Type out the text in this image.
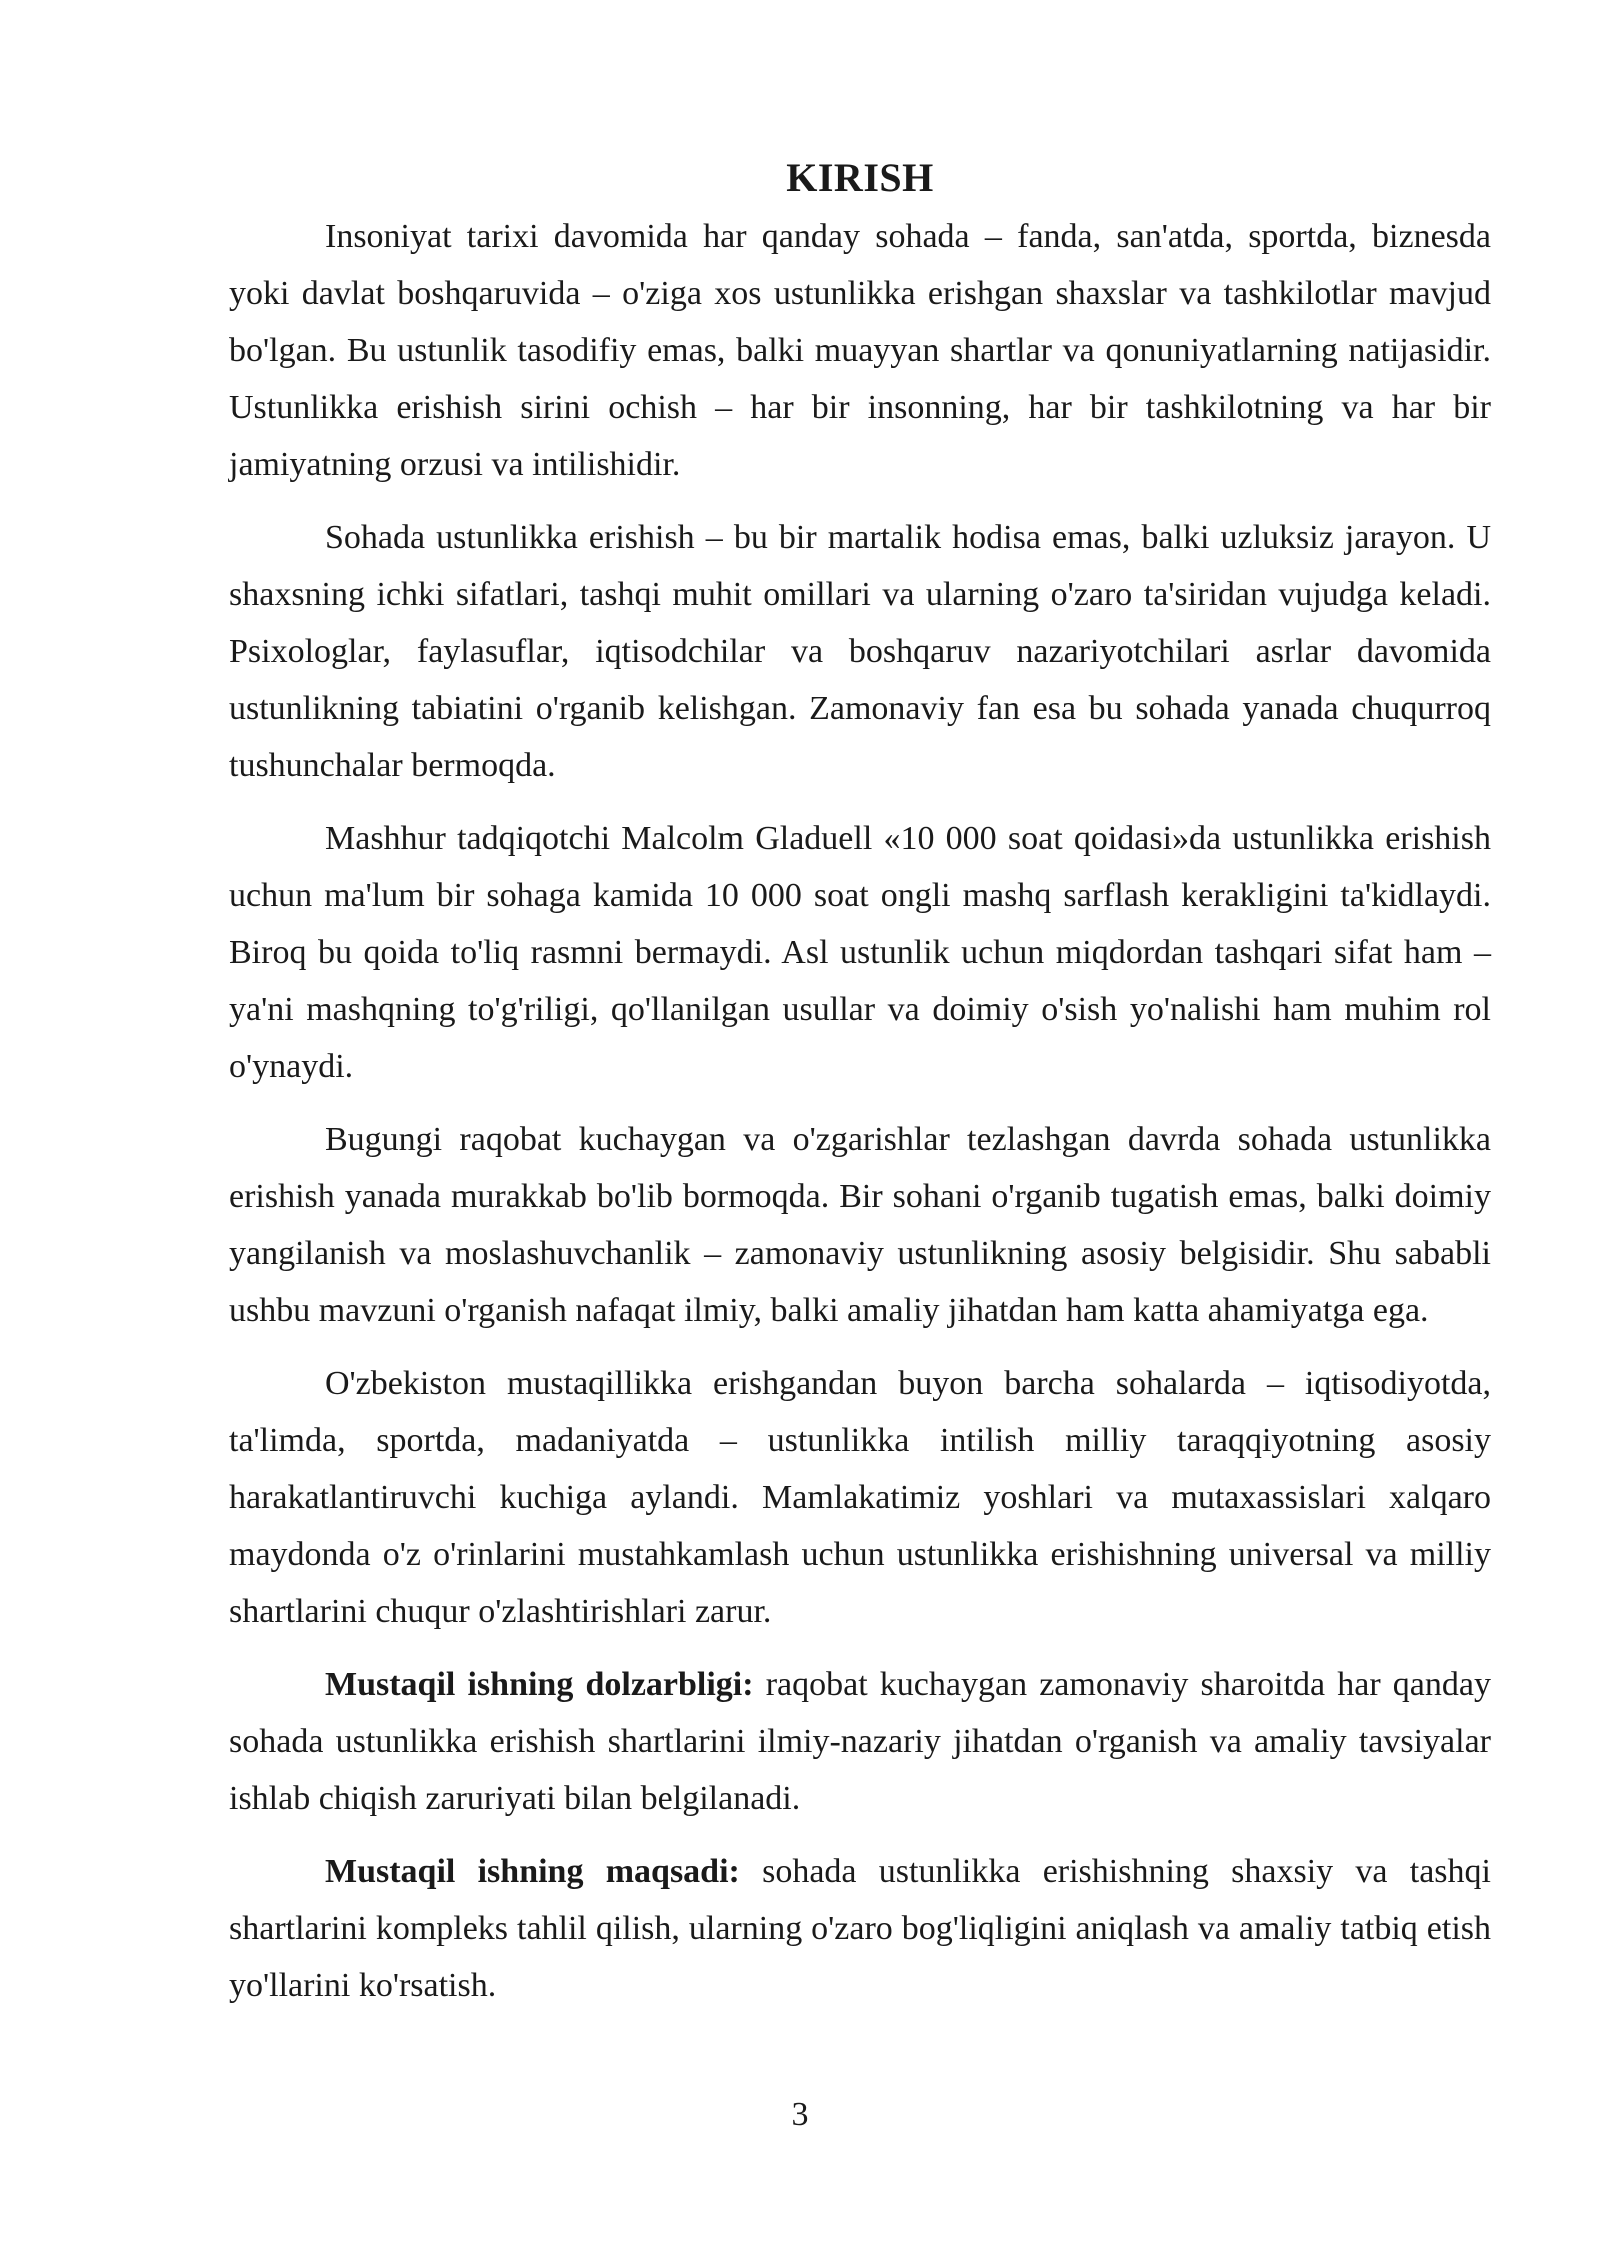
KIRISH

Insoniyat tarixi davomida har qanday sohada – fanda, san'atda, sportda, biznesda yoki davlat boshqaruvida – o'ziga xos ustunlikka erishgan shaxslar va tashkilotlar mavjud bo'lgan. Bu ustunlik tasodifiy emas, balki muayyan shartlar va qonuniyatlarning natijasidir. Ustunlikka erishish sirini ochish – har bir insonning, har bir tashkilotning va har bir jamiyatning orzusi va intilishidir.

Sohada ustunlikka erishish – bu bir martalik hodisa emas, balki uzluksiz jarayon. U shaxsning ichki sifatlari, tashqi muhit omillari va ularning o'zaro ta'siridan vujudga keladi. Psixologlar, faylasuflar, iqtisodchilar va boshqaruv nazariyotchilari asrlar davomida ustunlikning tabiatini o'rganib kelishgan. Zamonaviy fan esa bu sohada yanada chuqurroq tushunchalar bermoqda.

Mashhur tadqiqotchi Malcolm Gladuell «10 000 soat qoidasi»da ustunlikka erishish uchun ma'lum bir sohaga kamida 10 000 soat ongli mashq sarflash kerakligini ta'kidlaydi. Biroq bu qoida to'liq rasmni bermaydi. Asl ustunlik uchun miqdordan tashqari sifat ham – ya'ni mashqning to'g'riligi, qo'llanilgan usullar va doimiy o'sish yo'nalishi ham muhim rol o'ynaydi.

Bugungi raqobat kuchaygan va o'zgarishlar tezlashgan davrda sohada ustunlikka erishish yanada murakkab bo'lib bormoqda. Bir sohani o'rganib tugatish emas, balki doimiy yangilanish va moslashuvchanlik – zamonaviy ustunlikning asosiy belgisidir. Shu sababli ushbu mavzuni o'rganish nafaqat ilmiy, balki amaliy jihatdan ham katta ahamiyatga ega.

O'zbekiston mustaqillikka erishgandan buyon barcha sohalarda – iqtisodiyotda, ta'limda, sportda, madaniyatda – ustunlikka intilish milliy taraqqiyotning asosiy harakatlantiruvchi kuchiga aylandi. Mamlakatimiz yoshlari va mutaxassislari xalqaro maydonda o'z o'rinlarini mustahkamlash uchun ustunlikka erishishning universal va milliy shartlarini chuqur o'zlashtirishlari zarur.

Mustaqil ishning dolzarbligi: raqobat kuchaygan zamonaviy sharoitda har qanday sohada ustunlikka erishish shartlarini ilmiy-nazariy jihatdan o'rganish va amaliy tavsiyalar ishlab chiqish zaruriyati bilan belgilanadi.

Mustaqil ishning maqsadi: sohada ustunlikka erishishning shaxsiy va tashqi shartlarini kompleks tahlil qilish, ularning o'zaro bog'liqligini aniqlash va amaliy tatbiq etish yo'llarini ko'rsatish.

3
